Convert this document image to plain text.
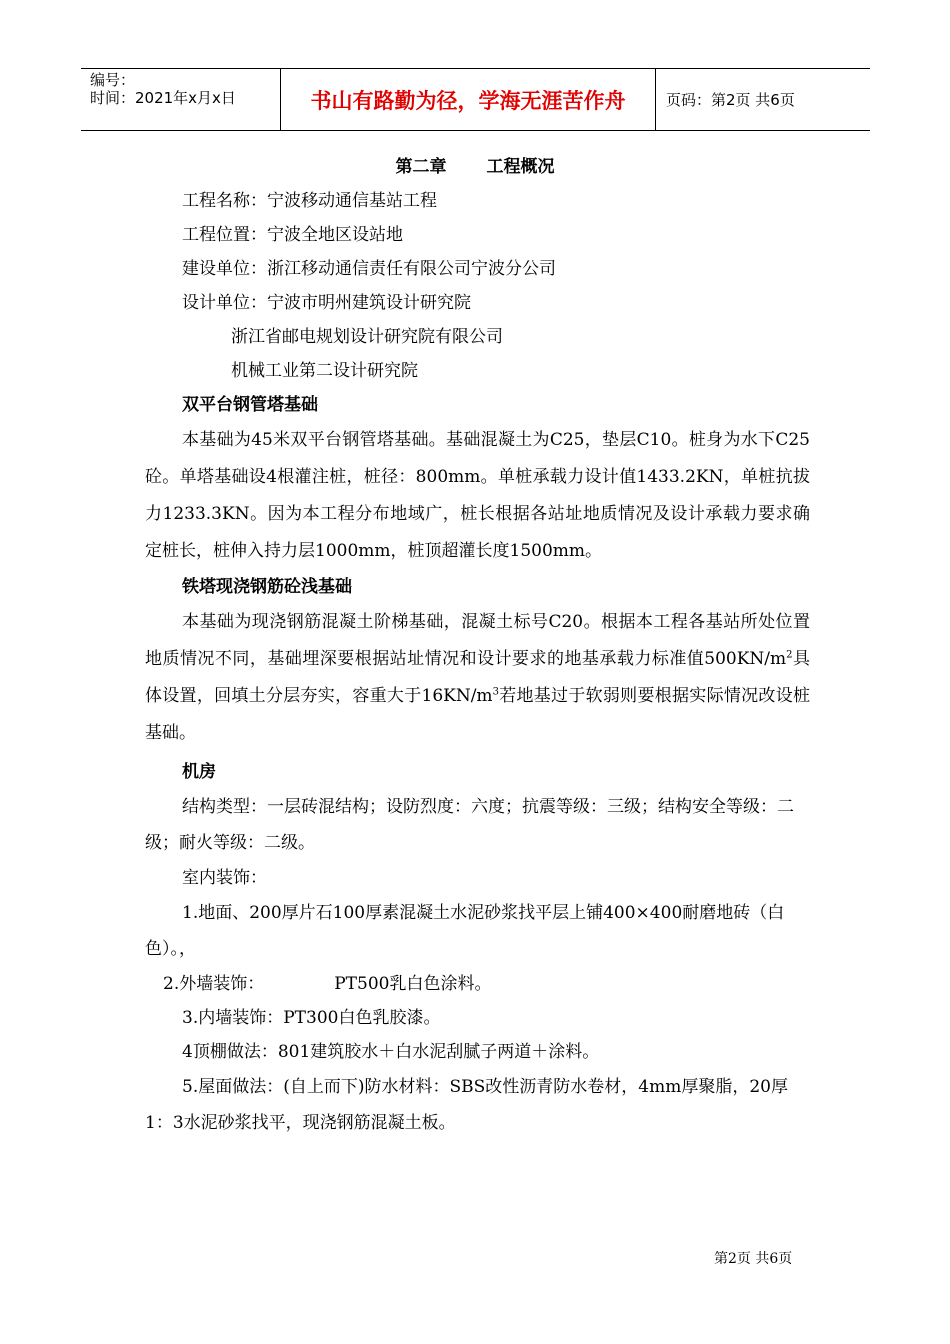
编号：
时间：2021年x月x日	书山有路勤为径，学海无涯苦作舟	页码：第2页 共6页
第二章 工程概况
工程名称：宁波移动通信基站工程
工程位置：宁波全地区设站地
建设单位：浙江移动通信责任有限公司宁波分公司
设计单位：宁波市明州建筑设计研究院
浙江省邮电规划设计研究院有限公司
机械工业第二设计研究院
双平台钢管塔基础

本基础为45米双平台钢管塔基础。基础混凝土为C25，垫层C10。桩身为水下C25砼。单塔基础设4根灌注桩，桩径：800mm。单桩承载力设计值1433.2KN，单桩抗拔力1233.3KN。因为本工程分布地域广，桩长根据各站址地质情况及设计承载力要求确定桩长，桩伸入持力层1000mm，桩顶超灌长度1500mm。

铁塔现浇钢筋砼浅基础

本基础为现浇钢筋混凝土阶梯基础，混凝土标号C20。根据本工程各基站所处位置地质情况不同，基础埋深要根据站址情况和设计要求的地基承载力标准值$500KN/m^2$具体设置，回填土分层夯实，容重大于$16KN/m^3$若地基过于软弱则要根据实际情况改设桩基础。

机房

结构类型：一层砖混结构；设防烈度：六度；抗震等级：三级；结构安全等级：二级；耐火等级：二级。

室内装饰：

1.地面、200厚片石100厚素混凝土水泥砂浆找平层上铺400×400耐磨地砖（白色）。，

2.外墙装饰：	PT500乳白色涂料。
3.内墙装饰：PT300白色乳胶漆。
4顶棚做法：801建筑胶水＋白水泥刮腻子两道＋涂料。

5.屋面做法：(自上而下)防水材料：SBS改性沥青防水卷材，4mm厚聚脂，20厚1：3水泥砂浆找平，现浇钢筋混凝土板。

第2页 共6页
